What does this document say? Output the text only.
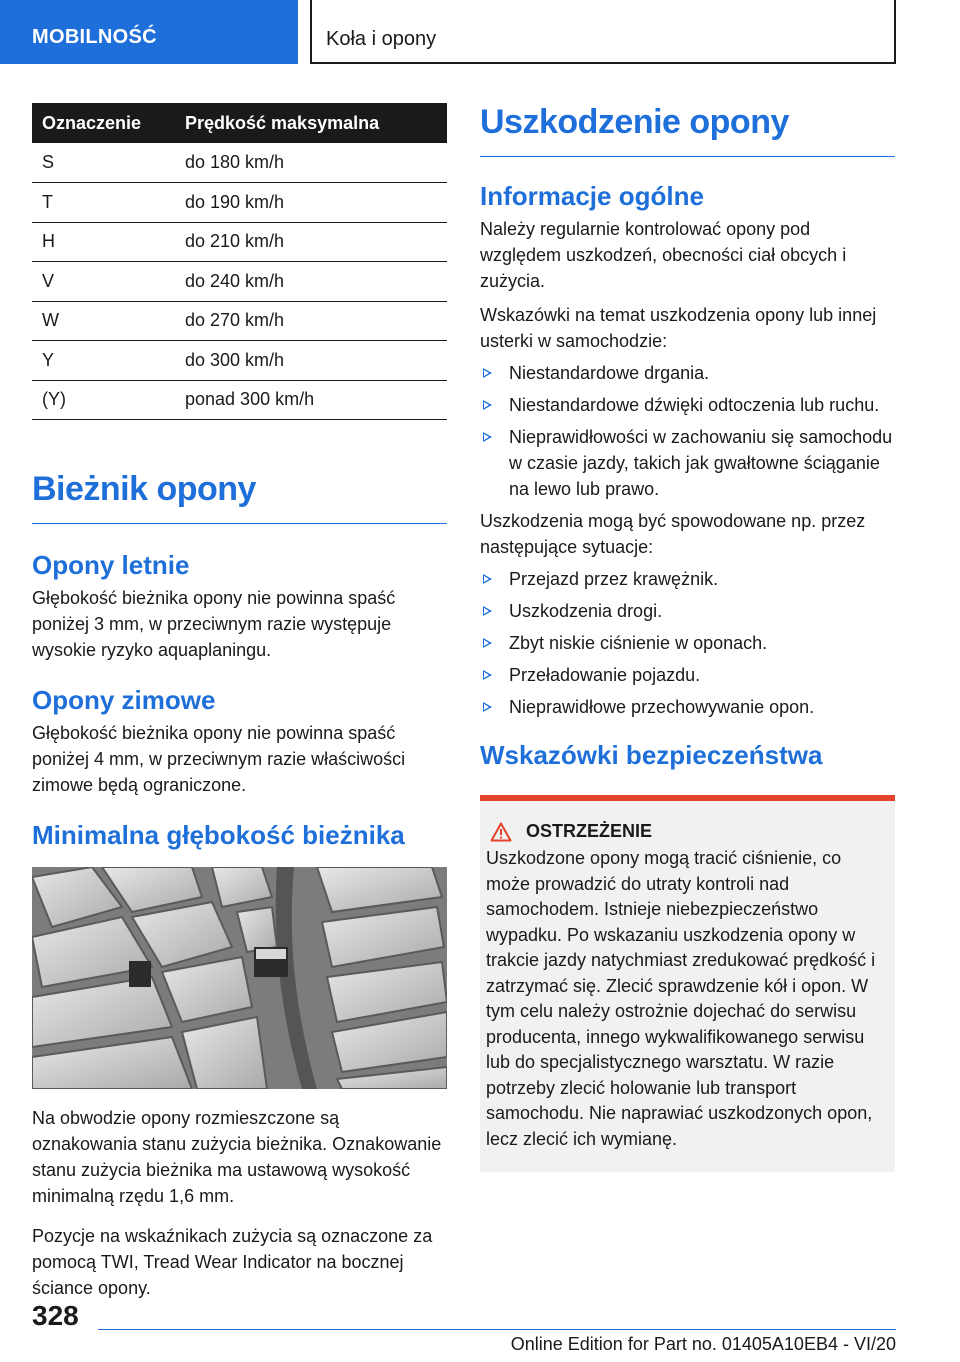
MOBILNOŚĆ	Koła i opony
Oznaczenie	Prędkość maksymalna
S	do 180 km/h
T	do 190 km/h
H	do 210 km/h
V	do 240 km/h
W	do 270 km/h
Y	do 300 km/h
(Y)	ponad 300 km/h
Bieżnik opony
Opony letnie

Głębokość bieżnika opony nie powinna spaść poniżej 3 mm, w przeciwnym razie występuje wysokie ryzyko aquaplaningu.

Opony zimowe

Głębokość bieżnika opony nie powinna spaść poniżej 4 mm, w przeciwnym razie właściwości zimowe będą ograniczone.

Minimalna głębokość bieżnika

Na obwodzie opony rozmieszczone są oznakowania stanu zużycia bieżnika. Oznakowanie stanu zużycia bieżnika ma ustawową wysokość minimalną rzędu 1,6 mm.

Pozycje na wskaźnikach zużycia są oznaczone za pomocą TWI, Tread Wear Indicator na bocznej ściance opony.

Uszkodzenie opony
Informacje ogólne

Należy regularnie kontrolować opony pod względem uszkodzeń, obecności ciał obcych i zużycia.

Wskazówki na temat uszkodzenia opony lub innej usterki w samochodzie:

Niestandardowe drgania.
Niestandardowe dźwięki odtoczenia lub ruchu.
Nieprawidłowości w zachowaniu się samochodu w czasie jazdy, takich jak gwałtowne ściąganie na lewo lub prawo.

Uszkodzenia mogą być spowodowane np. przez następujące sytuacje:

Przejazd przez krawężnik.
Uszkodzenia drogi.
Zbyt niskie ciśnienie w oponach.
Przeładowanie pojazdu.
Nieprawidłowe przechowywanie opon.
Wskazówki bezpieczeństwa
OSTRZEŻENIE

Uszkodzone opony mogą tracić ciśnienie, co może prowadzić do utraty kontroli nad samochodem. Istnieje niebezpieczeństwo wypadku. Po wskazaniu uszkodzenia opony w trakcie jazdy natychmiast zredukować prędkość i zatrzymać się. Zlecić sprawdzenie kół i opon. W tym celu należy ostrożnie dojechać do serwisu producenta, innego wykwalifikowanego serwisu lub do specjalistycznego warsztatu. W razie potrzeby zlecić holowanie lub transport samochodu. Nie naprawiać uszkodzonych opon, lecz zlecić ich wymianę.

328
Online Edition for Part no. 01405A10EB4 - VI/20
